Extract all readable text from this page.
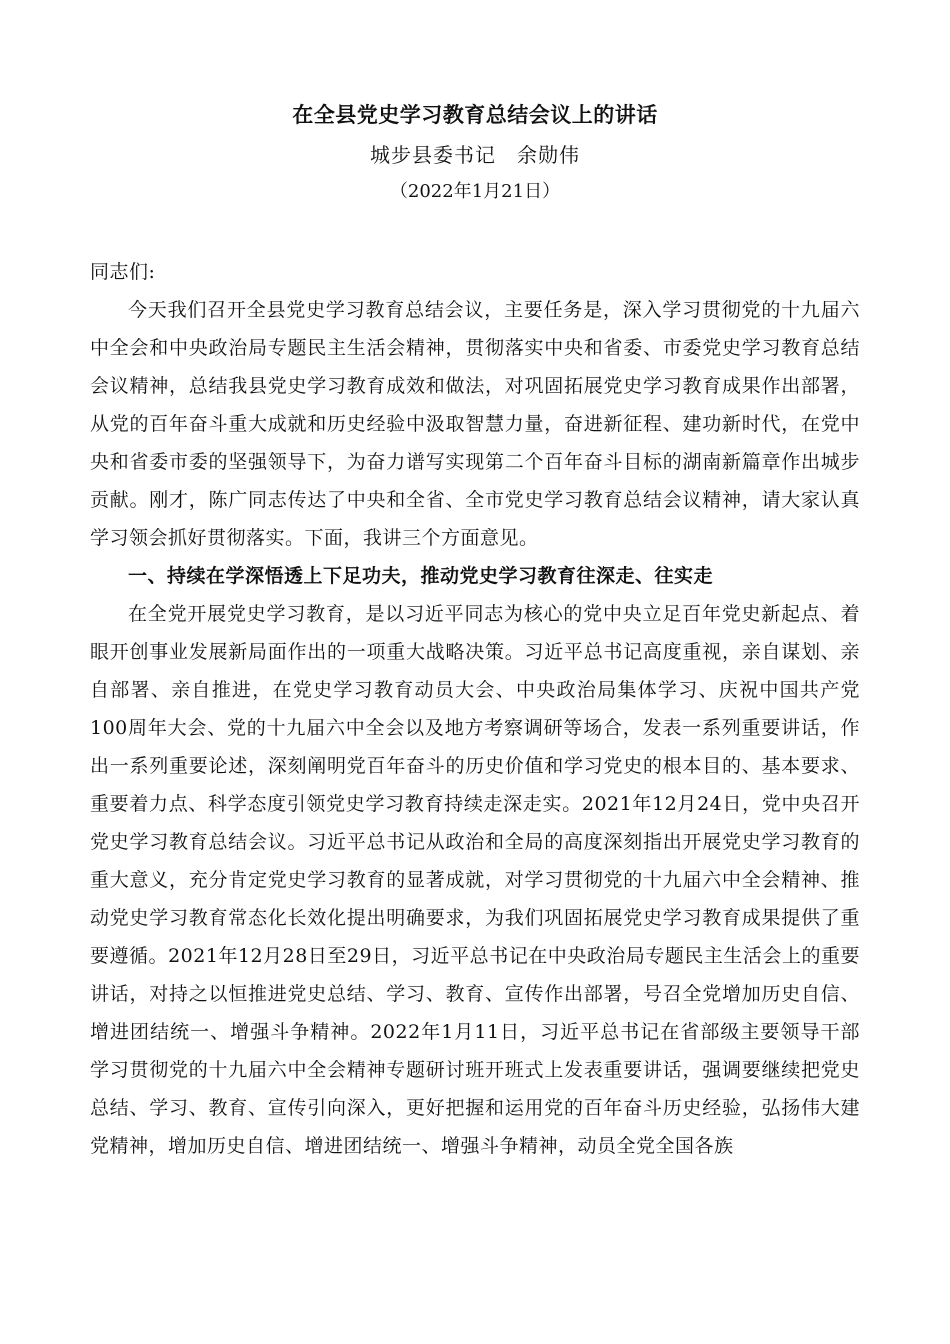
在全县党史学习教育总结会议上的讲话

城步县委书记　余勋伟

（2022年1月21日）

同志们:

今天我们召开全县党史学习教育总结会议，主要任务是，深入学习贯彻党的十九届六中全会和中央政治局专题民主生活会精神，贯彻落实中央和省委、市委党史学习教育总结会议精神，总结我县党史学习教育成效和做法，对巩固拓展党史学习教育成果作出部署，从党的百年奋斗重大成就和历史经验中汲取智慧力量，奋进新征程、建功新时代，在党中央和省委市委的坚强领导下，为奋力谱写实现第二个百年奋斗目标的湖南新篇章作出城步贡献。刚才，陈广同志传达了中央和全省、全市党史学习教育总结会议精神，请大家认真学习领会抓好贯彻落实。下面，我讲三个方面意见。

一、持续在学深悟透上下足功夫，推动党史学习教育往深走、往实走

在全党开展党史学习教育，是以习近平同志为核心的党中央立足百年党史新起点、着眼开创事业发展新局面作出的一项重大战略决策。习近平总书记高度重视，亲自谋划、亲自部署、亲自推进，在党史学习教育动员大会、中央政治局集体学习、庆祝中国共产党100周年大会、党的十九届六中全会以及地方考察调研等场合，发表一系列重要讲话，作出一系列重要论述，深刻阐明党百年奋斗的历史价值和学习党史的根本目的、基本要求、重要着力点、科学态度引领党史学习教育持续走深走实。2021年12月24日，党中央召开党史学习教育总结会议。习近平总书记从政治和全局的高度深刻指出开展党史学习教育的重大意义，充分肯定党史学习教育的显著成就，对学习贯彻党的十九届六中全会精神、推动党史学习教育常态化长效化提出明确要求，为我们巩固拓展党史学习教育成果提供了重要遵循。2021年12月28日至29日，习近平总书记在中央政治局专题民主生活会上的重要讲话，对持之以恒推进党史总结、学习、教育、宣传作出部署，号召全党增加历史自信、增进团结统一、增强斗争精神。2022年1月11日，习近平总书记在省部级主要领导干部学习贯彻党的十九届六中全会精神专题研讨班开班式上发表重要讲话，强调要继续把党史总结、学习、教育、宣传引向深入，更好把握和运用党的百年奋斗历史经验，弘扬伟大建党精神，增加历史自信、增进团结统一、增强斗争精神，动员全党全国各族
